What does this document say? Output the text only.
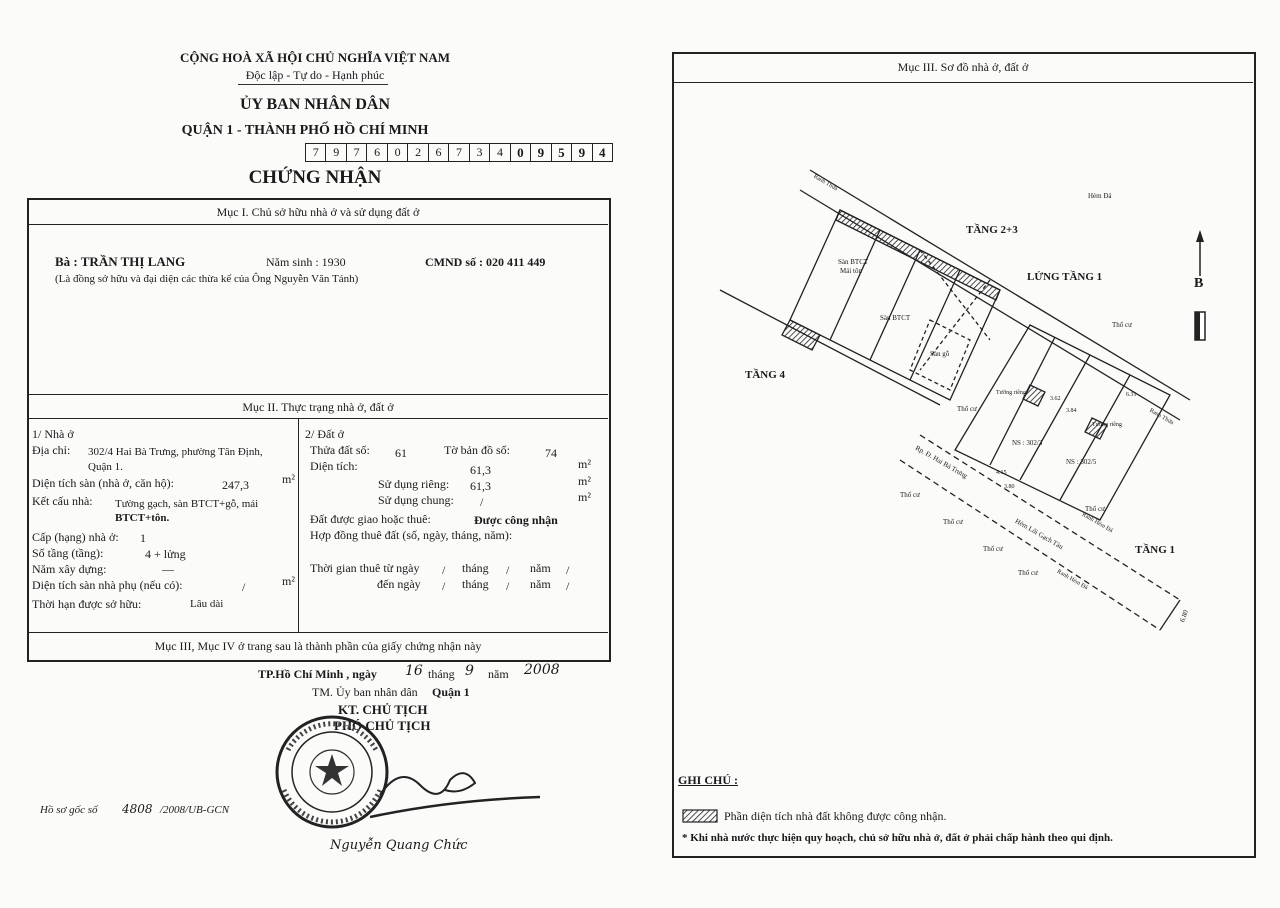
CỘNG HOÀ XÃ HỘI CHỦ NGHĨA VIỆT NAM
Độc lập - Tự do - Hạnh phúc
ỦY BAN NHÂN DÂN
QUẬN 1 - THÀNH PHỐ HỒ CHÍ MINH
7	9	7	6	0	2	6	7	3	4	0	9	5	9	4
CHỨNG NHẬN
Mục I. Chủ sở hữu nhà ở và sử dụng đất ở
Bà : TRẦN THỊ LANG	Năm sinh : 1930	CMND số : 020 411 449
(Là đồng sở hữu và đại diện các thừa kế của Ông Nguyễn Văn Tánh)
Mục II. Thực trạng nhà ở, đất ở
1/ Nhà ở
Địa chỉ: 302/4 Hai Bà Trưng, phường Tân Định,
Quận 1.
Diện tích sàn (nhà ở, căn hộ):	247,3	m²
Kết cấu nhà: Tường gạch, sàn BTCT+gỗ, mái
BTCT+tôn.
Cấp (hạng) nhà ở: 1
Số tầng (tầng):	4 + lửng
Năm xây dựng:	—
Diện tích sàn nhà phụ (nếu có):	/	m²
Thời hạn được sở hữu:	Lâu dài
2/ Đất ở
Thửa đất số: 61	Tờ bản đồ số:	74
Diện tích:	61,3	m²
Sử dụng riêng: 61,3	m²
Sử dụng chung: /	m²
Đất được giao hoặc thuê:	Được công nhận
Hợp đồng thuê đất (số, ngày, tháng, năm):
Thời gian thuê từ ngày / tháng / năm /
đến ngày / tháng / năm /
Mục III, Mục IV ở trang sau là thành phần của giấy chứng nhận này
TP.Hồ Chí Minh , ngày 16 tháng 9 năm 2008
TM. Ủy ban nhân dân Quận 1
KT. CHỦ TỊCH
PHÓ CHỦ TỊCH
Nguyễn Quang Chức
Hồ sơ gốc số 4808 /2008/UB-GCN
Mục III. Sơ đồ nhà ở, đất ở
B
TẦNG 2+3
LỬNG TẦNG 1
TẦNG 4
TẦNG 1
Sàn BTCT
Mái tôn
Sàn BTCT
Sàn gỗ
Tường riêng
Tường riêng
NS : 302/3
NS : 302/5
Rp. Đ. Hai Bà Trưng
Hẻm Lối Gạch Tàu
Hẻm Đá
Thổ cư
Thổ cư
Thổ cư
Thổ cư
Thổ cư
Thổ cư
Thổ cư
Ranh Thửa
Ranh Thửa
Ranh Hẻm Đá
Ranh Hẻm Đá
6.80
3.80
4.15
3.62
3.84
6.31
GHI CHÚ :
Phần diện tích nhà đất không được công nhận.
* Khi nhà nước thực hiện quy hoạch, chủ sở hữu nhà ở, đất ở phải chấp hành theo qui định.
